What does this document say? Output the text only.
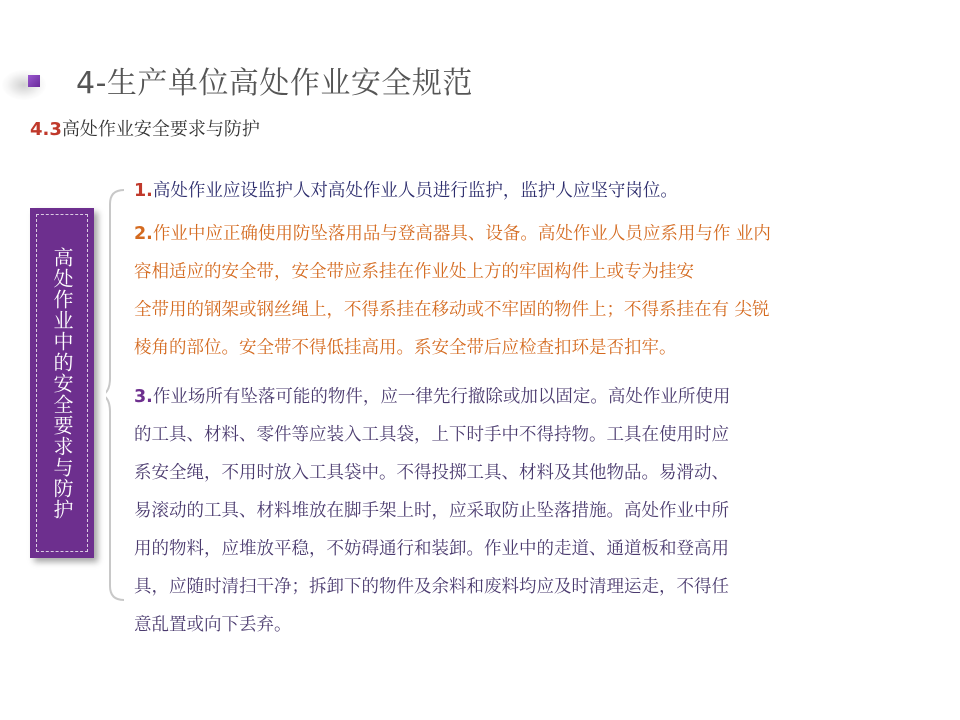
4-生产单位高处作业安全规范
4.3高处作业安全要求与防护
高处作业中的安全要求与防护
1.高处作业应设监护人对高处作业人员进行监护，监护人应坚守岗位。
2.作业中应正确使用防坠落用品与登高器具、设备。高处作业人员应系用与作 业内
容相适应的安全带，安全带应系挂在作业处上方的牢固构件上或专为挂安
全带用的钢架或钢丝绳上，不得系挂在移动或不牢固的物件上；不得系挂在有 尖锐
棱角的部位。安全带不得低挂高用。系安全带后应检查扣环是否扣牢。
3.作业场所有坠落可能的物件，应一律先行撤除或加以固定。高处作业所使用
的工具、材料、零件等应装入工具袋，上下时手中不得持物。工具在使用时应
系安全绳，不用时放入工具袋中。不得投掷工具、材料及其他物品。易滑动、
易滚动的工具、材料堆放在脚手架上时，应采取防止坠落措施。高处作业中所
用的物料，应堆放平稳，不妨碍通行和装卸。作业中的走道、通道板和登高用
具，应随时清扫干净；拆卸下的物件及余料和废料均应及时清理运走，不得任
意乱置或向下丢弃。
